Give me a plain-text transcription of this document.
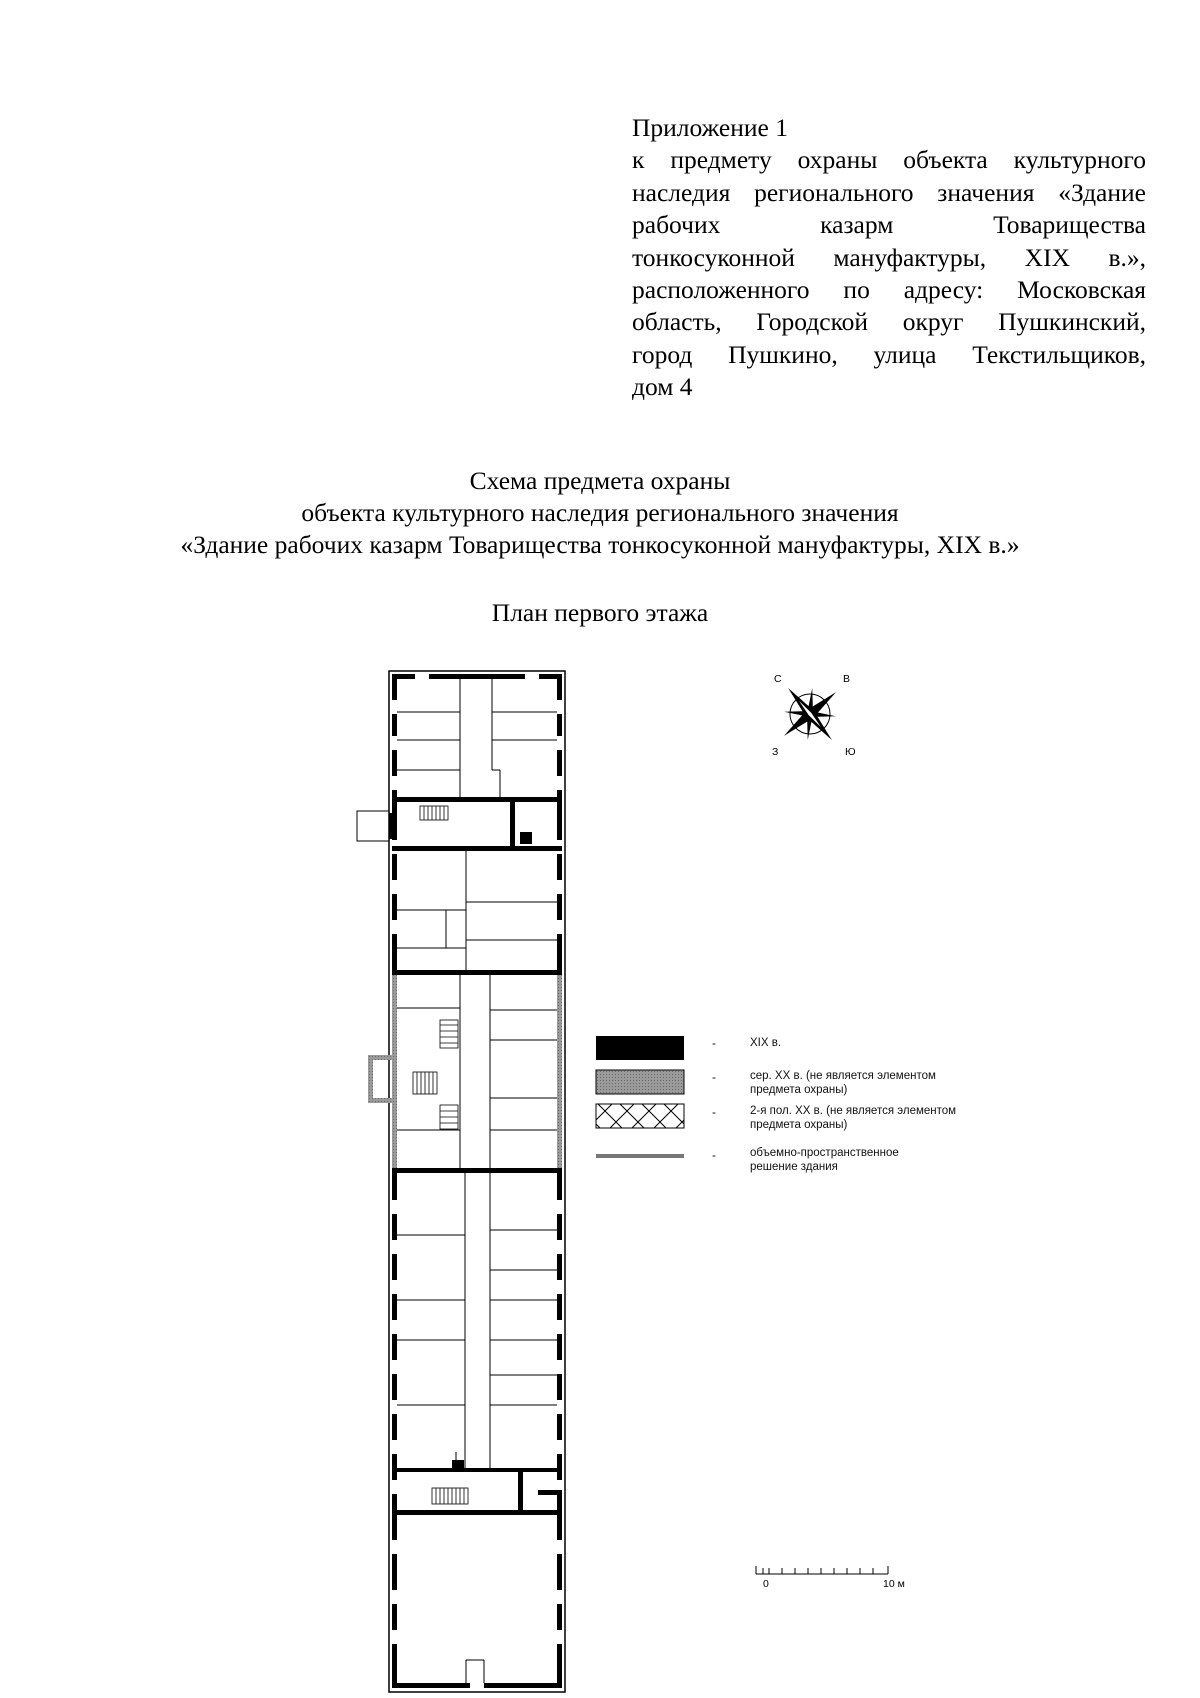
Приложение 1
к предмету охраны объекта культурного
наследия регионального значения «Здание
рабочих казарм Товарищества
тонкосуконной мануфактуры, XIX в.»,
расположенного по адресу: Московская
область, Городской округ Пушкинский,
город Пушкино, улица Текстильщиков,
дом 4
Схема предмета охраны
объекта культурного наследия регионального значения
«Здание рабочих казарм Товарищества тонкосуконной мануфактуры, XIX в.»
План первого этажа
С	В
З	Ю
-	XIX в.
-	сер. XX в. (не является элементом предмета охраны)
-	2-я пол. XX в. (не является элементом предмета охраны)
-	объемно-пространственное решение здания
0	10 м
